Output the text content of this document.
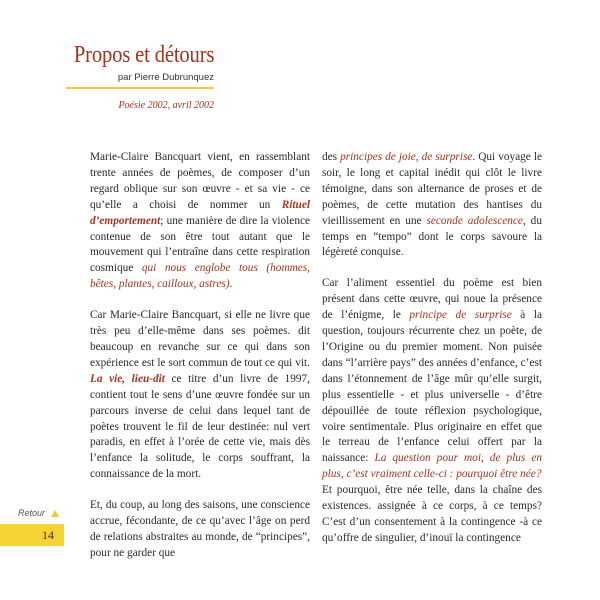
Propos et détours
par Pierre Dubrunquez
Poésie 2002, avril 2002

Marie-Claire Bancquart vient, en rassemblant trente années de poèmes, de composer d’un regard oblique sur son œuvre - et sa vie - ce qu’elle a choisi de nommer un Rituel d’emportement; une manière de dire la violence contenue de son être tout autant que le mouvement qui l’entraîne dans cette respiration cosmique qui nous englobe tous (hommes, bêtes, plantes, cailloux, astres).

Car Marie-Claire Bancquart, si elle ne livre que très peu d’elle-même dans ses poèmes. dit beaucoup en revanche sur ce qui dans son expérience est le sort commun de tout ce qui vit. La vie, lieu-dit ce titre d’un livre de 1997, contient tout le sens d’une œuvre fondée sur un parcours inverse de celui dans lequel tant de poètes trouvent le fil de leur destinée: nul vert paradis, en effet à l’orée de cette vie, mais dès l’enfance la solitude, le corps souffrant, la connaissance de la mort.

Et, du coup, au long des saisons, une conscience accrue, fécondante, de ce qu’avec l’âge on perd de relations abstraites au monde, de “principes”, pour ne garder que

des principes de joie, de surprise. Qui voyage le soir, le long et capital inédit qui clôt le livre témoigne, dans son alternance de proses et de poèmes, de cette mutation des hantises du vieillissement en une seconde adolescence, du temps en “tempo” dont le corps savoure la légèreté conquise.

Car l’aliment essentiel du poème est bien présent dans cette œuvre, qui noue la présence de l’énigme, le principe de surprise à la question, toujours récurrente chez un poète, de l’Origine ou du premier moment. Non puisée dans “l’arrière pays” des années d’enfance, c’est dans l’étonnement de l’âge mûr qu’elle surgit, plus essentielle - et plus universelle - d’être dépouillée de toute réflexion psychologique, voire sentimentale. Plus originaire en effet que le terreau de l’enfance celui offert par la naissance: La question pour moi, de plus en plus, c’est vraiment celle-ci : pourquoi être née?

Et pourquoi, être née telle, dans la chaîne des existences. assignée à ce corps, à ce temps? C’est d’un consentement à la contingence -à ce qu’offre de singulier, d’inouï la contingence

Retour
14
